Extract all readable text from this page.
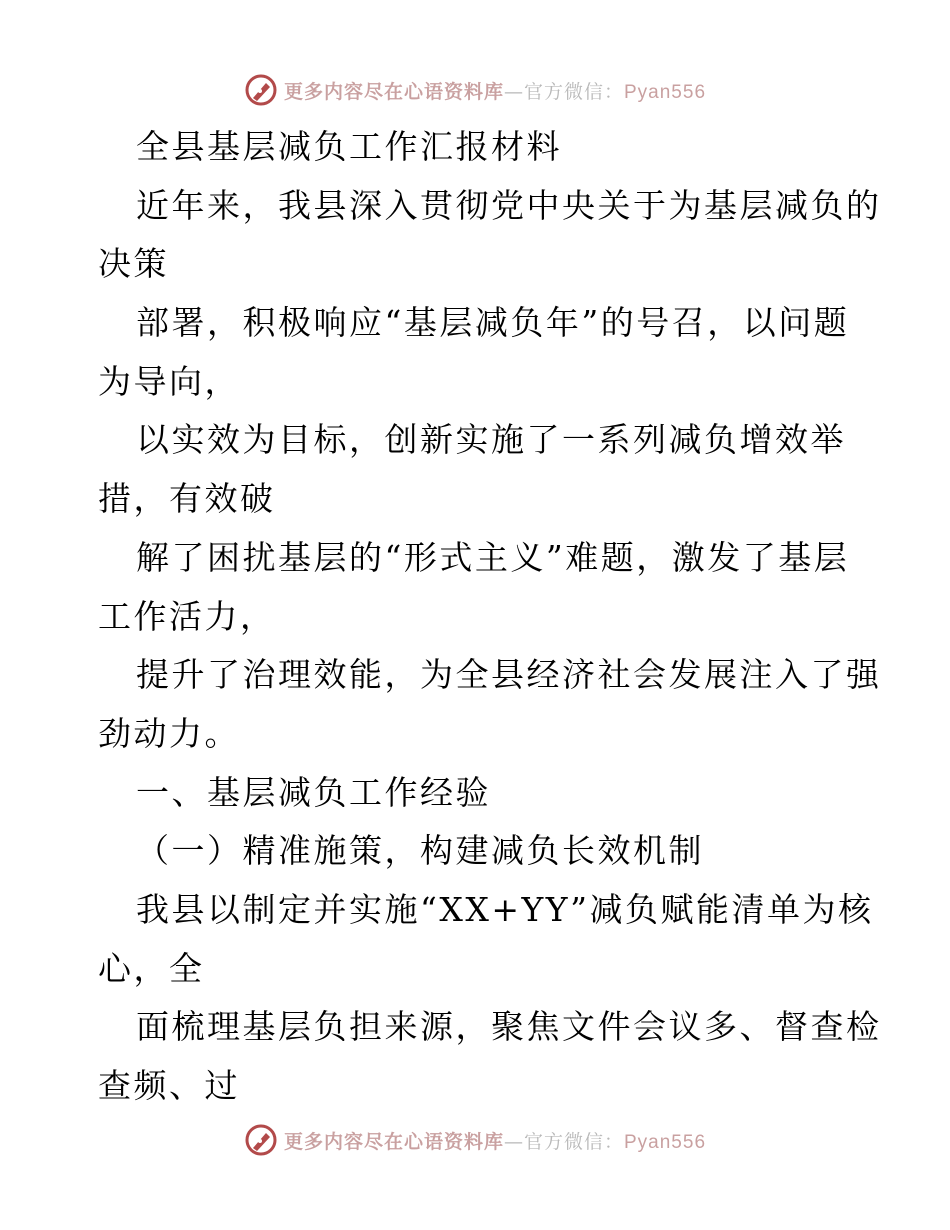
更多内容尽在心语资料库—官方微信：Pyan556
全县基层减负工作汇报材料
近年来，我县深入贯彻党中央关于为基层减负的
决策
部署，积极响应“基层减负年”的号召，以问题
为导向，
以实效为目标，创新实施了一系列减负增效举
措，有效破
解了困扰基层的“形式主义”难题，激发了基层
工作活力，
提升了治理效能，为全县经济社会发展注入了强
劲动力。
一、基层减负工作经验
（一）精准施策，构建减负长效机制
我县以制定并实施“XX+YY”减负赋能清单为核
心，全
面梳理基层负担来源，聚焦文件会议多、督查检
查频、过
更多内容尽在心语资料库—官方微信：Pyan556
